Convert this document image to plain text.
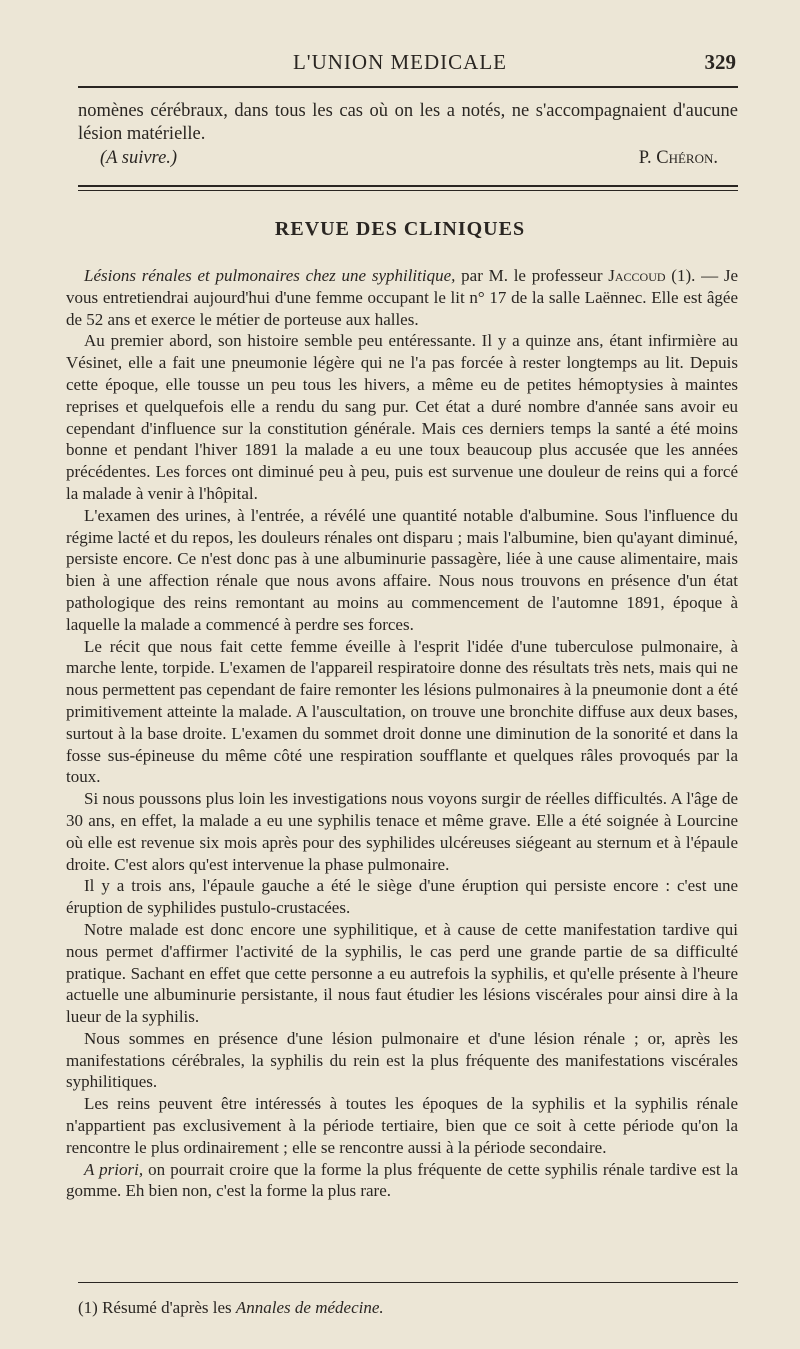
L'UNION MEDICALE	329
nomènes cérébraux, dans tous les cas où on les a notés, ne s'accompagnaient d'aucune lésion matérielle.
(A suivre.)	P. Chéron.
REVUE DES CLINIQUES

Lésions rénales et pulmonaires chez une syphilitique, par M. le professeur Jaccoud (1). — Je vous entretiendrai aujourd'hui d'une femme occupant le lit n° 17 de la salle Laënnec. Elle est âgée de 52 ans et exerce le métier de porteuse aux halles.

Au premier abord, son histoire semble peu entéressante. Il y a quinze ans, étant infirmière au Vésinet, elle a fait une pneumonie légère qui ne l'a pas forcée à rester longtemps au lit. Depuis cette époque, elle tousse un peu tous les hivers, a même eu de petites hémoptysies à maintes reprises et quelquefois elle a rendu du sang pur. Cet état a duré nombre d'année sans avoir eu cependant d'influence sur la constitution générale. Mais ces derniers temps la santé a été moins bonne et pendant l'hiver 1891 la malade a eu une toux beaucoup plus accusée que les années précédentes. Les forces ont diminué peu à peu, puis est survenue une douleur de reins qui a forcé la malade à venir à l'hôpital.

L'examen des urines, à l'entrée, a révélé une quantité notable d'albumine. Sous l'influence du régime lacté et du repos, les douleurs rénales ont disparu ; mais l'albumine, bien qu'ayant diminué, persiste encore. Ce n'est donc pas à une albuminurie passagère, liée à une cause alimentaire, mais bien à une affection rénale que nous avons affaire. Nous nous trouvons en présence d'un état pathologique des reins remontant au moins au commencement de l'automne 1891, époque à laquelle la malade a commencé à perdre ses forces.

Le récit que nous fait cette femme éveille à l'esprit l'idée d'une tuberculose pulmonaire, à marche lente, torpide. L'examen de l'appareil respiratoire donne des résultats très nets, mais qui ne nous permettent pas cependant de faire remonter les lésions pulmonaires à la pneumonie dont a été primitivement atteinte la malade. A l'auscultation, on trouve une bronchite diffuse aux deux bases, surtout à la base droite. L'examen du sommet droit donne une diminution de la sonorité et dans la fosse sus-épineuse du même côté une respiration soufflante et quelques râles provoqués par la toux.

Si nous poussons plus loin les investigations nous voyons surgir de réelles difficultés. A l'âge de 30 ans, en effet, la malade a eu une syphilis tenace et même grave. Elle a été soignée à Lourcine où elle est revenue six mois après pour des syphilides ulcéreuses siégeant au sternum et à l'épaule droite. C'est alors qu'est intervenue la phase pulmonaire.

Il y a trois ans, l'épaule gauche a été le siège d'une éruption qui persiste encore : c'est une éruption de syphilides pustulo-crustacées.

Notre malade est donc encore une syphilitique, et à cause de cette manifestation tardive qui nous permet d'affirmer l'activité de la syphilis, le cas perd une grande partie de sa difficulté pratique. Sachant en effet que cette personne a eu autrefois la syphilis, et qu'elle présente à l'heure actuelle une albuminurie persistante, il nous faut étudier les lésions viscérales pour ainsi dire à la lueur de la syphilis.

Nous sommes en présence d'une lésion pulmonaire et d'une lésion rénale ; or, après les manifestations cérébrales, la syphilis du rein est la plus fréquente des manifestations viscérales syphilitiques.

Les reins peuvent être intéressés à toutes les époques de la syphilis et la syphilis rénale n'appartient pas exclusivement à la période tertiaire, bien que ce soit à cette période qu'on la rencontre le plus ordinairement ; elle se rencontre aussi à la période secondaire.

A priori, on pourrait croire que la forme la plus fréquente de cette syphilis rénale tardive est la gomme. Eh bien non, c'est la forme la plus rare.

(1) Résumé d'après les Annales de médecine.
